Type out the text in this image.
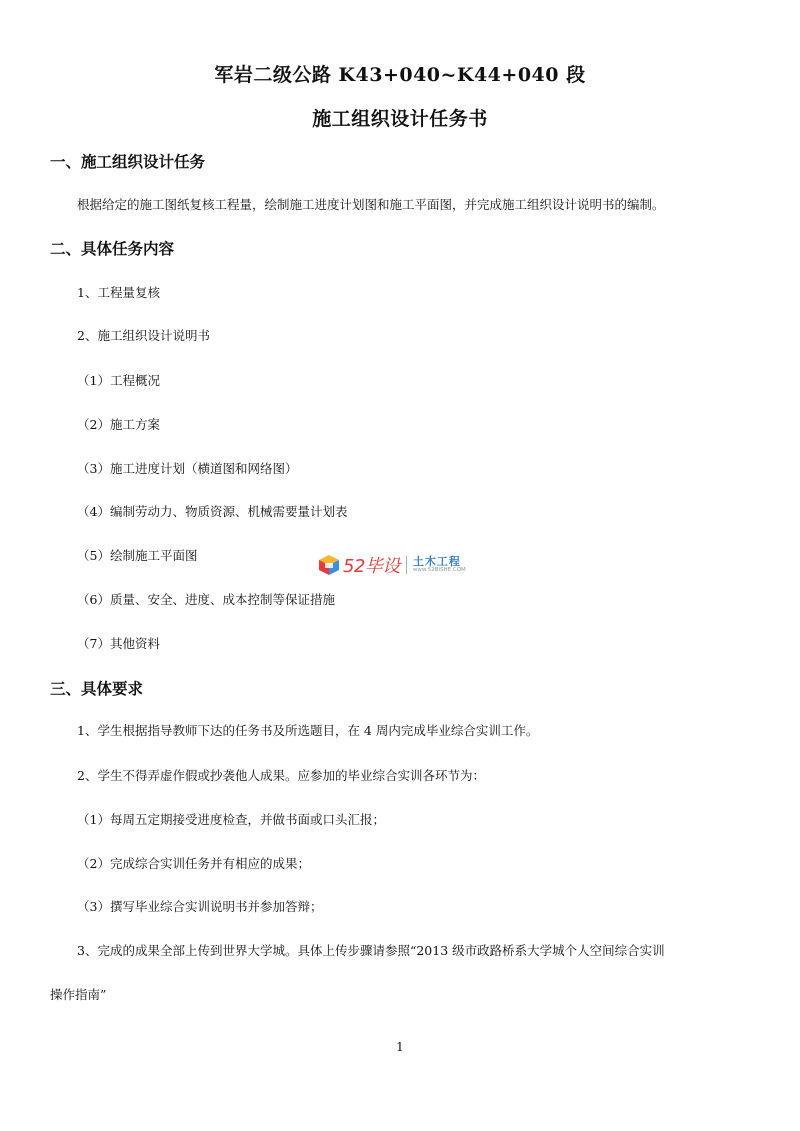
军岩二级公路 K43+040~K44+040 段
施工组织设计任务书
一、施工组织设计任务
根据给定的施工图纸复核工程量，绘制施工进度计划图和施工平面图，并完成施工组织设计说明书的编制。
二、具体任务内容
1、工程量复核
2、施工组织设计说明书
（1）工程概况
（2）施工方案
（3）施工进度计划（横道图和网络图）
（4）编制劳动力、物质资源、机械需要量计划表
（5）绘制施工平面图
（6）质量、安全、进度、成本控制等保证措施
（7）其他资料
三、具体要求
1、学生根据指导教师下达的任务书及所选题目，在 4 周内完成毕业综合实训工作。
2、学生不得弄虚作假或抄袭他人成果。应参加的毕业综合实训各环节为：
（1）每周五定期接受进度检查，并做书面或口头汇报；
（2）完成综合实训任务并有相应的成果；
（3）撰写毕业综合实训说明书并参加答辩；
3、完成的成果全部上传到世界大学城。具体上传步骤请参照“2013 级市政路桥系大学城个人空间综合实训
操作指南”
52毕设 土木工程
www.52BISHE.COM
1
